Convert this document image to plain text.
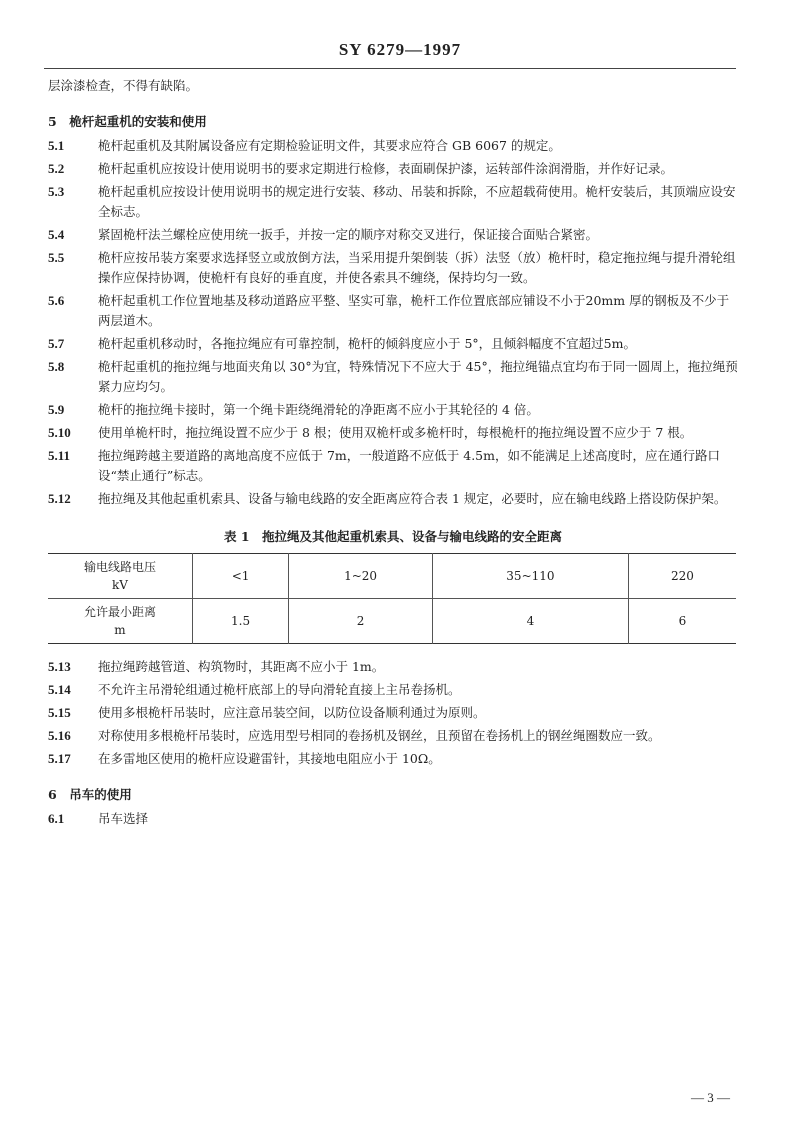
SY 6279—1997

层涂漆检查，不得有缺陷。

5　桅杆起重机的安装和使用

5.1	桅杆起重机及其附属设备应有定期检验证明文件，其要求应符合 GB 6067 的规定。
5.2	桅杆起重机应按设计使用说明书的要求定期进行检修，表面刷保护漆，运转部件涂润滑脂，并作好记录。
5.3	桅杆起重机应按设计使用说明书的规定进行安装、移动、吊装和拆除，不应超载荷使用。桅杆安装后，其顶端应设安全标志。
5.4	紧固桅杆法兰螺栓应使用统一扳手，并按一定的顺序对称交叉进行，保证接合面贴合紧密。
5.5	桅杆应按吊装方案要求选择竖立或放倒方法，当采用提升架倒装（拆）法竖（放）桅杆时，稳定拖拉绳与提升滑轮组操作应保持协调，使桅杆有良好的垂直度，并使各索具不缠绕，保持均匀一致。
5.6	桅杆起重机工作位置地基及移动道路应平整、坚实可靠，桅杆工作位置底部应铺设不小于20mm 厚的钢板及不少于两层道木。
5.7	桅杆起重机移动时，各拖拉绳应有可靠控制，桅杆的倾斜度应小于 5°，且倾斜幅度不宜超过5m。
5.8	桅杆起重机的拖拉绳与地面夹角以 30°为宜，特殊情况下不应大于 45°，拖拉绳锚点宜均布于同一圆周上，拖拉绳预紧力应均匀。
5.9	桅杆的拖拉绳卡接时，第一个绳卡距绕绳滑轮的净距离不应小于其轮径的 4 倍。
5.10	使用单桅杆时，拖拉绳设置不应少于 8 根；使用双桅杆或多桅杆时，每根桅杆的拖拉绳设置不应少于 7 根。
5.11	拖拉绳跨越主要道路的离地高度不应低于 7m，一般道路不应低于 4.5m，如不能满足上述高度时，应在通行路口设“禁止通行”标志。
5.12	拖拉绳及其他起重机索具、设备与输电线路的安全距离应符合表 1 规定，必要时，应在输电线路上搭设防保护架。

表 1　拖拉绳及其他起重机索具、设备与输电线路的安全距离

输电线路电压
kV	<1	1~20	35~110	220

允许最小距离
m	1.5	2	4	6
5.13	拖拉绳跨越管道、构筑物时，其距离不应小于 1m。
5.14	不允许主吊滑轮组通过桅杆底部上的导向滑轮直接上主吊卷扬机。
5.15	使用多根桅杆吊装时，应注意吊装空间，以防位设备顺利通过为原则。
5.16	对称使用多根桅杆吊装时，应选用型号相同的卷扬机及钢丝，且预留在卷扬机上的钢丝绳圈数应一致。
5.17	在多雷地区使用的桅杆应设避雷针，其接地电阻应小于 10Ω。

6　吊车的使用

6.1	吊车选择
— 3 —
